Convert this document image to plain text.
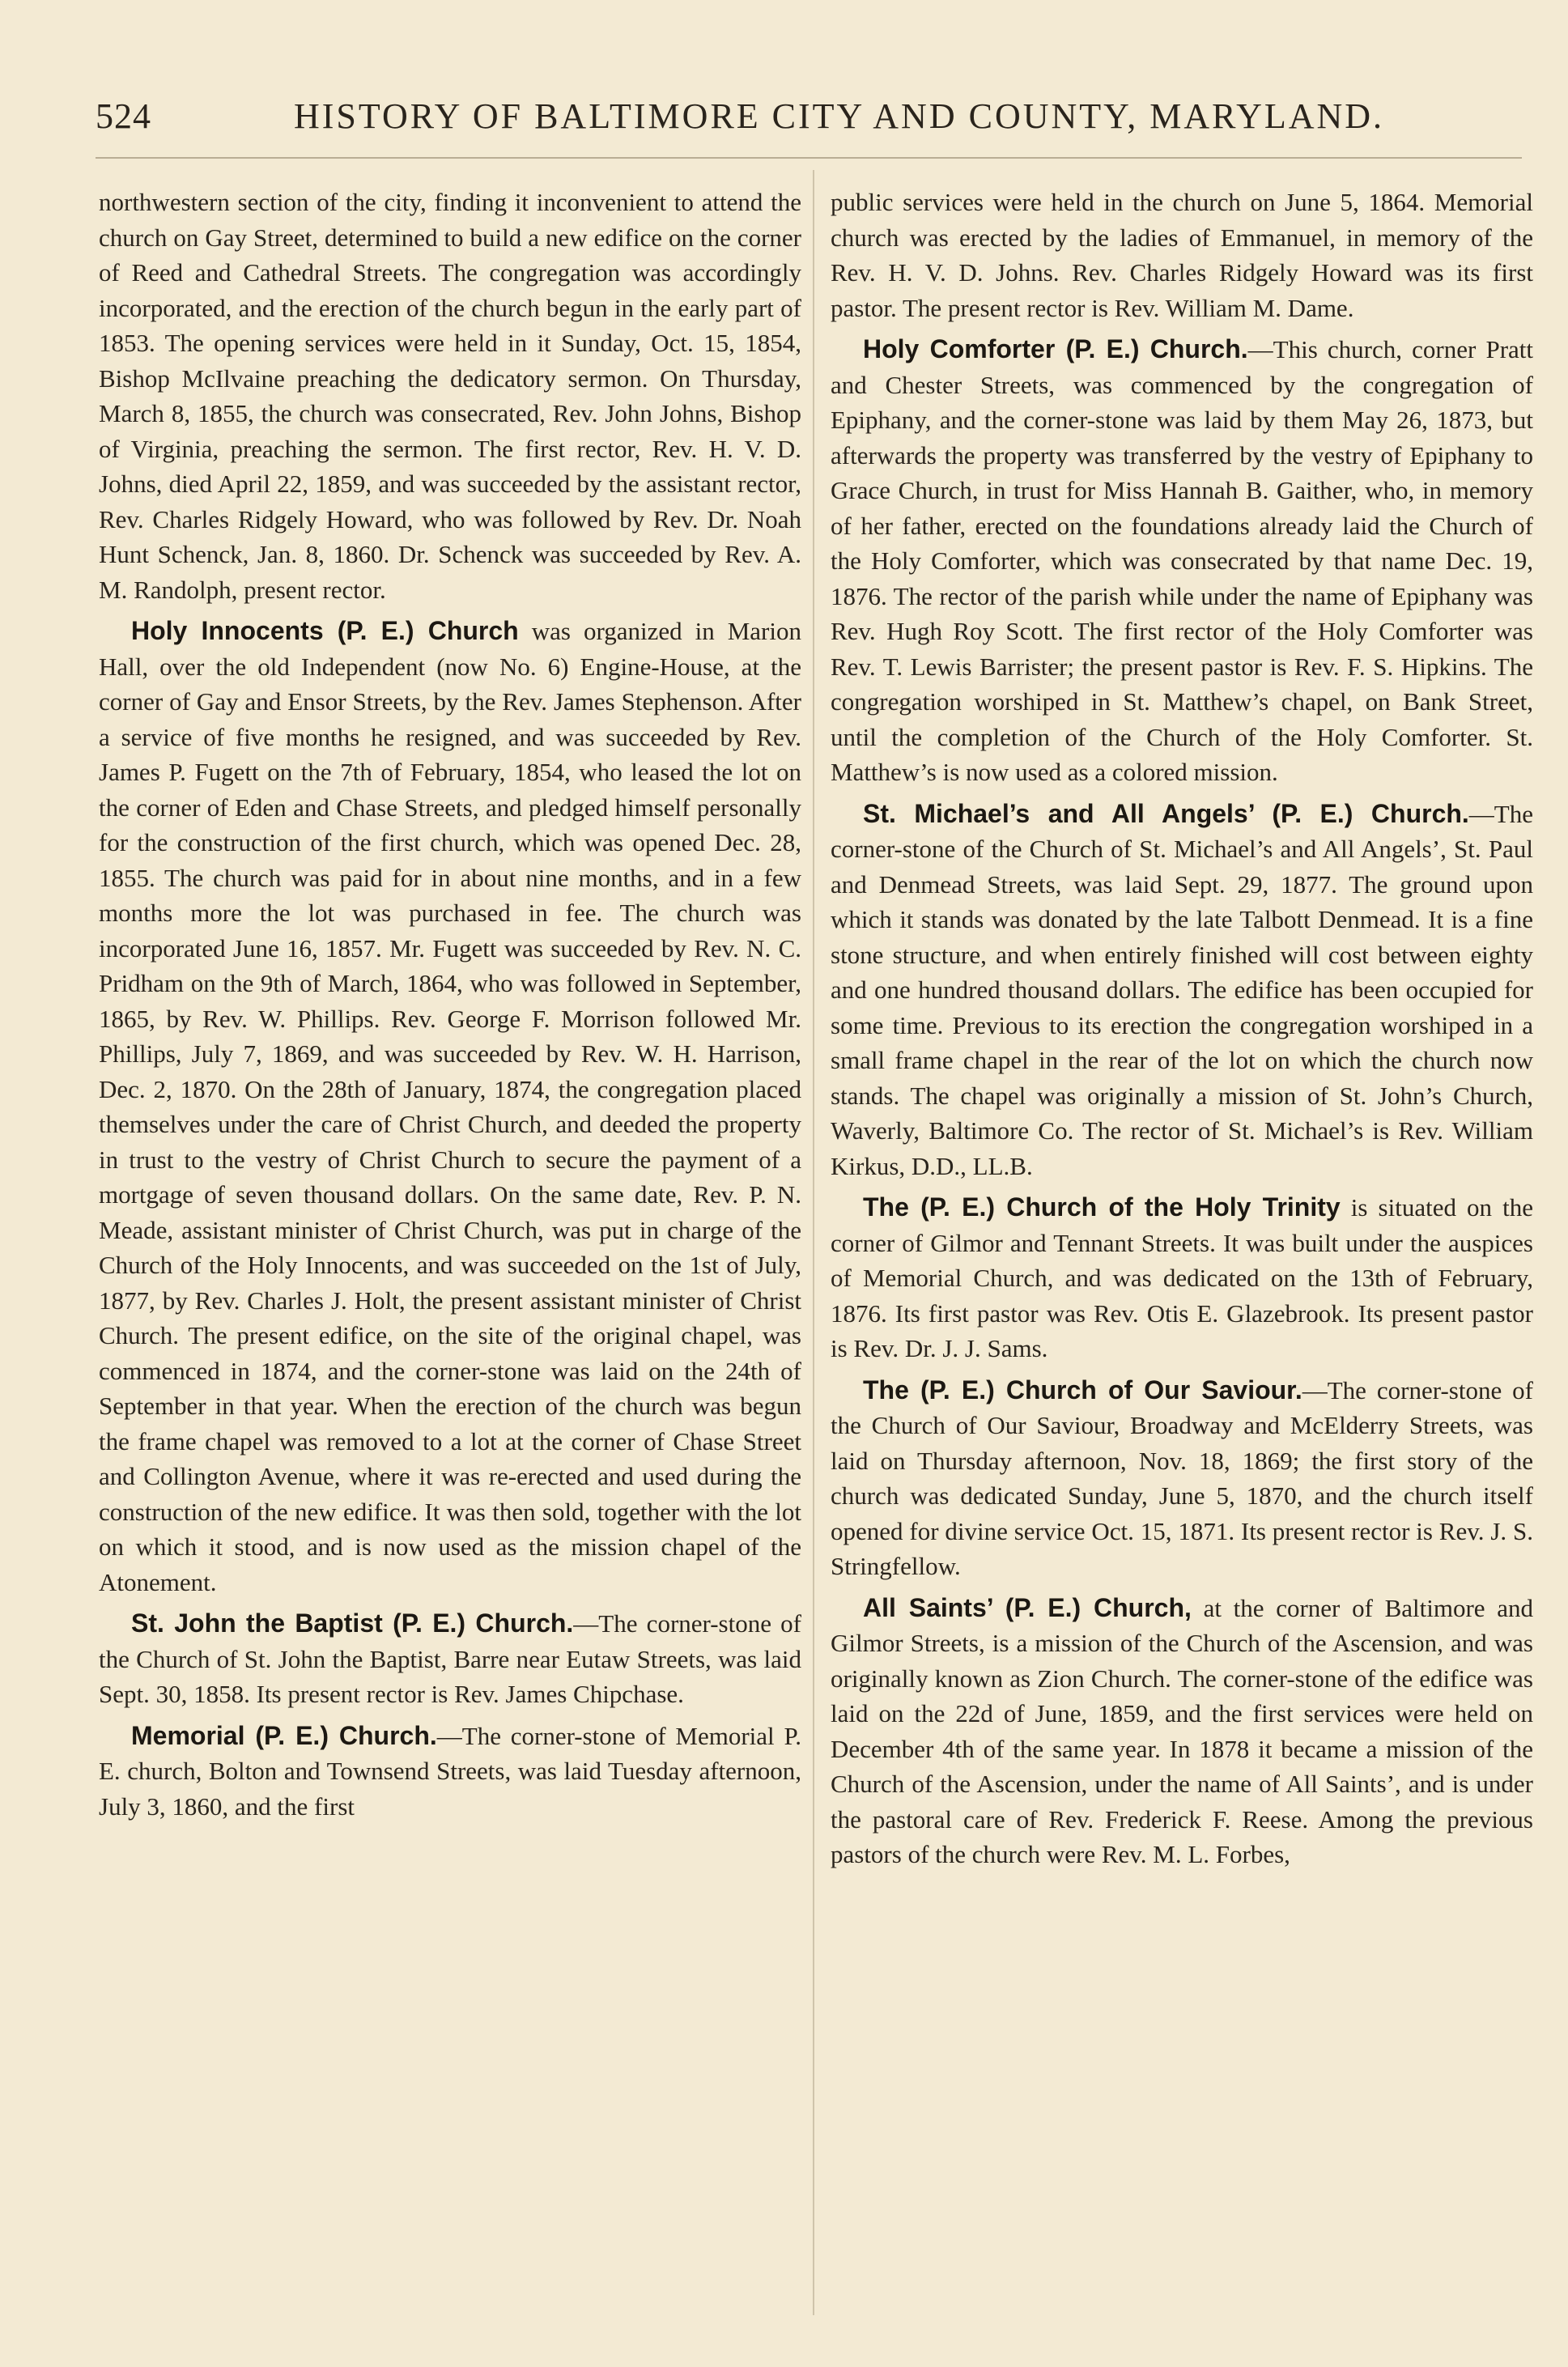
524	HISTORY OF BALTIMORE CITY AND COUNTY, MARYLAND.

northwestern section of the city, finding it inconvenient to attend the church on Gay Street, determined to build a new edifice on the corner of Reed and Cathedral Streets. The congregation was accordingly incorporated, and the erection of the church begun in the early part of 1853. The opening services were held in it Sunday, Oct. 15, 1854, Bishop McIlvaine preaching the dedicatory sermon. On Thursday, March 8, 1855, the church was consecrated, Rev. John Johns, Bishop of Virginia, preaching the sermon. The first rector, Rev. H. V. D. Johns, died April 22, 1859, and was succeeded by the assistant rector, Rev. Charles Ridgely Howard, who was followed by Rev. Dr. Noah Hunt Schenck, Jan. 8, 1860. Dr. Schenck was succeeded by Rev. A. M. Randolph, present rector.

Holy Innocents (P. E.) Church was organized in Marion Hall, over the old Independent (now No. 6) Engine-House, at the corner of Gay and Ensor Streets, by the Rev. James Stephenson. After a service of five months he resigned, and was succeeded by Rev. James P. Fugett on the 7th of February, 1854, who leased the lot on the corner of Eden and Chase Streets, and pledged himself personally for the construction of the first church, which was opened Dec. 28, 1855. The church was paid for in about nine months, and in a few months more the lot was purchased in fee. The church was incorporated June 16, 1857. Mr. Fugett was succeeded by Rev. N. C. Pridham on the 9th of March, 1864, who was followed in September, 1865, by Rev. W. Phillips. Rev. George F. Morrison followed Mr. Phillips, July 7, 1869, and was succeeded by Rev. W. H. Harrison, Dec. 2, 1870. On the 28th of January, 1874, the congregation placed themselves under the care of Christ Church, and deeded the property in trust to the vestry of Christ Church to secure the payment of a mortgage of seven thousand dollars. On the same date, Rev. P. N. Meade, assistant minister of Christ Church, was put in charge of the Church of the Holy Innocents, and was succeeded on the 1st of July, 1877, by Rev. Charles J. Holt, the present assistant minister of Christ Church. The present edifice, on the site of the original chapel, was commenced in 1874, and the corner-stone was laid on the 24th of September in that year. When the erection of the church was begun the frame chapel was removed to a lot at the corner of Chase Street and Collington Avenue, where it was re-erected and used during the construction of the new edifice. It was then sold, together with the lot on which it stood, and is now used as the mission chapel of the Atonement.

St. John the Baptist (P. E.) Church.—The corner-stone of the Church of St. John the Baptist, Barre near Eutaw Streets, was laid Sept. 30, 1858. Its present rector is Rev. James Chipchase.

Memorial (P. E.) Church.—The corner-stone of Memorial P. E. church, Bolton and Townsend Streets, was laid Tuesday afternoon, July 3, 1860, and the first

public services were held in the church on June 5, 1864. Memorial church was erected by the ladies of Emmanuel, in memory of the Rev. H. V. D. Johns. Rev. Charles Ridgely Howard was its first pastor. The present rector is Rev. William M. Dame.

Holy Comforter (P. E.) Church.—This church, corner Pratt and Chester Streets, was commenced by the congregation of Epiphany, and the corner-stone was laid by them May 26, 1873, but afterwards the property was transferred by the vestry of Epiphany to Grace Church, in trust for Miss Hannah B. Gaither, who, in memory of her father, erected on the foundations already laid the Church of the Holy Comforter, which was consecrated by that name Dec. 19, 1876. The rector of the parish while under the name of Epiphany was Rev. Hugh Roy Scott. The first rector of the Holy Comforter was Rev. T. Lewis Barrister; the present pastor is Rev. F. S. Hipkins. The congregation worshiped in St. Matthew’s chapel, on Bank Street, until the completion of the Church of the Holy Comforter. St. Matthew’s is now used as a colored mission.

St. Michael’s and All Angels’ (P. E.) Church.—The corner-stone of the Church of St. Michael’s and All Angels’, St. Paul and Denmead Streets, was laid Sept. 29, 1877. The ground upon which it stands was donated by the late Talbott Denmead. It is a fine stone structure, and when entirely finished will cost between eighty and one hundred thousand dollars. The edifice has been occupied for some time. Previous to its erection the congregation worshiped in a small frame chapel in the rear of the lot on which the church now stands. The chapel was originally a mission of St. John’s Church, Waverly, Baltimore Co. The rector of St. Michael’s is Rev. William Kirkus, D.D., LL.B.

The (P. E.) Church of the Holy Trinity is situated on the corner of Gilmor and Tennant Streets. It was built under the auspices of Memorial Church, and was dedicated on the 13th of February, 1876. Its first pastor was Rev. Otis E. Glazebrook. Its present pastor is Rev. Dr. J. J. Sams.

The (P. E.) Church of Our Saviour.—The corner-stone of the Church of Our Saviour, Broadway and McElderry Streets, was laid on Thursday afternoon, Nov. 18, 1869; the first story of the church was dedicated Sunday, June 5, 1870, and the church itself opened for divine service Oct. 15, 1871. Its present rector is Rev. J. S. Stringfellow.

All Saints’ (P. E.) Church, at the corner of Baltimore and Gilmor Streets, is a mission of the Church of the Ascension, and was originally known as Zion Church. The corner-stone of the edifice was laid on the 22d of June, 1859, and the first services were held on December 4th of the same year. In 1878 it became a mission of the Church of the Ascension, under the name of All Saints’, and is under the pastoral care of Rev. Frederick F. Reese. Among the previous pastors of the church were Rev. M. L. Forbes,
